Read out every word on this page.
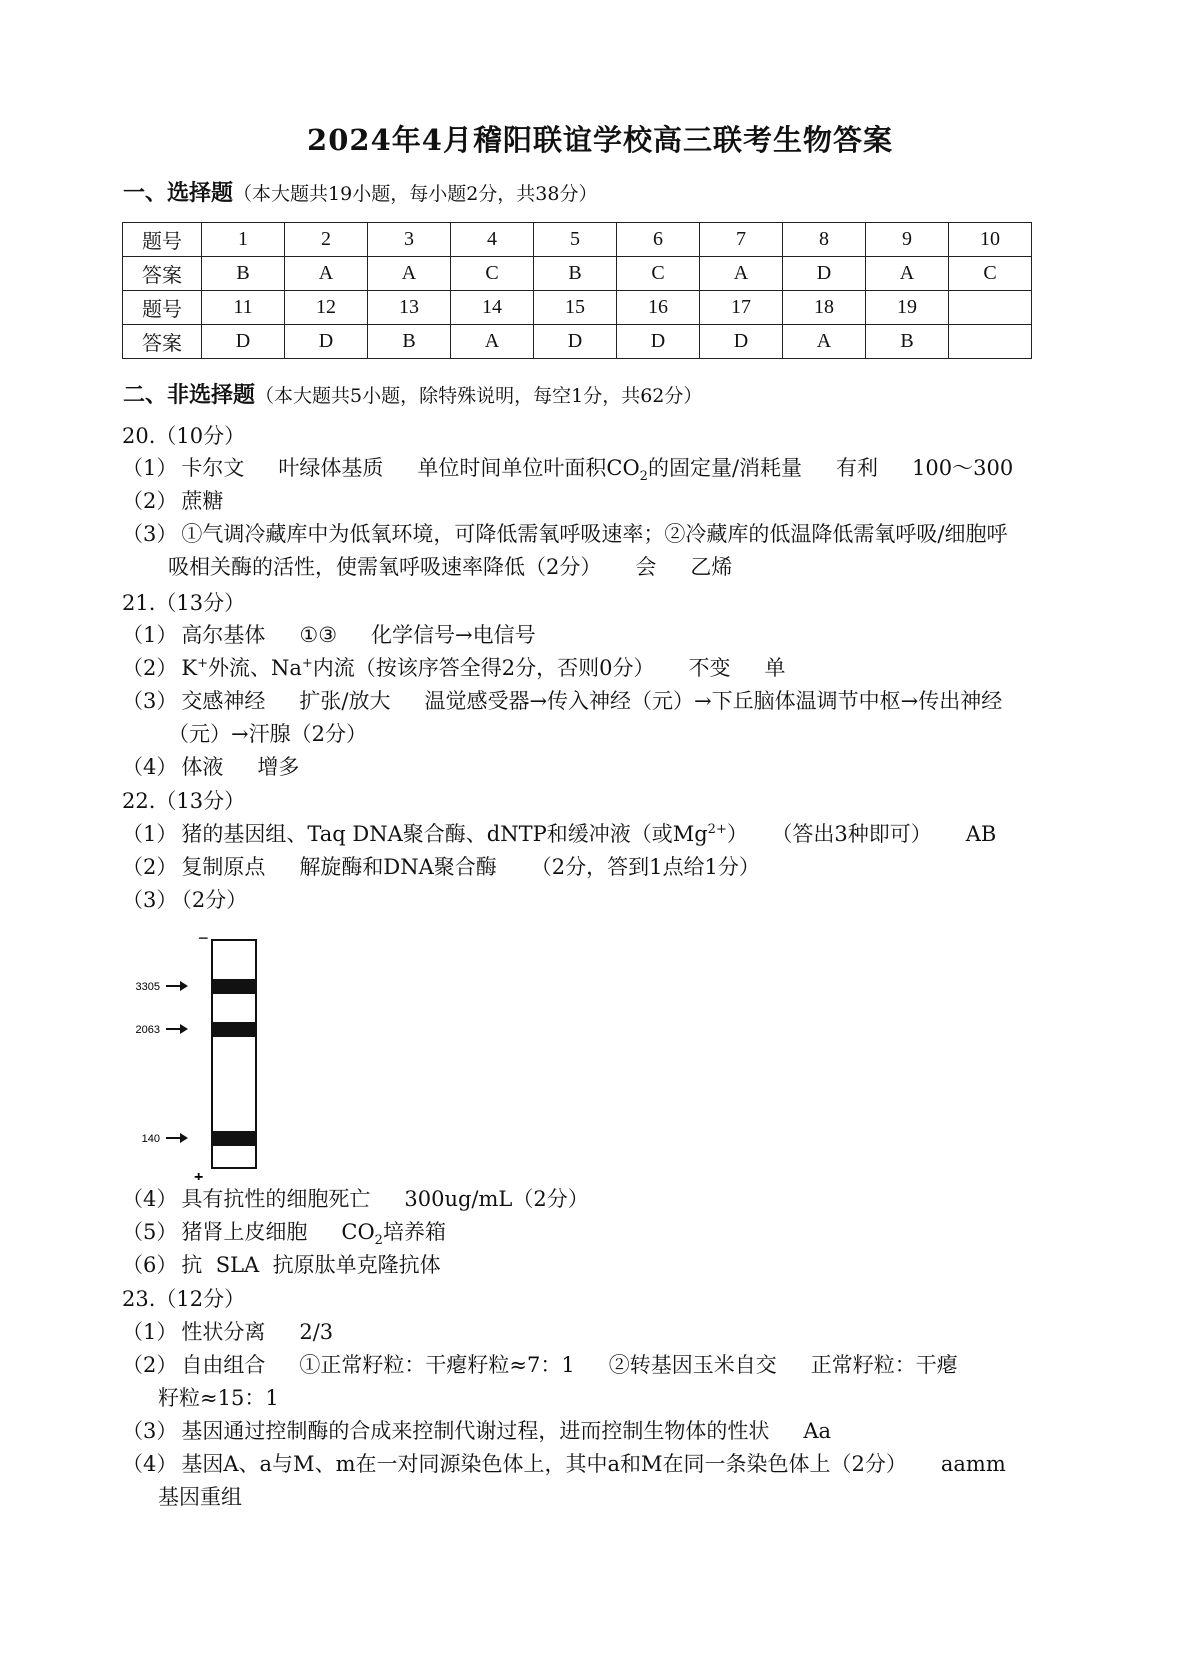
2024年4月稽阳联谊学校高三联考生物答案
一、选择题（本大题共19小题，每小题2分，共38分）
题号	1	2	3	4	5	6	7	8	9	10
答案	B	A	A	C	B	C	A	D	A	C
题号	11	12	13	14	15	16	17	18	19	
答案	D	D	B	A	D	D	D	A	B	
二、非选择题（本大题共5小题，除特殊说明，每空1分，共62分）
20.（10分）
（1） 卡尔文 叶绿体基质 单位时间单位叶面积$CO_2$的固定量/消耗量 有利 100～300
（2） 蔗糖
（3） ①气调冷藏库中为低氧环境，可降低需氧呼吸速率；②冷藏库的低温降低需氧呼吸/细胞呼
吸相关酶的活性，使需氧呼吸速率降低（2分） 会 乙烯
21.（13分）
（1） 高尔基体 ①③ 化学信号→电信号
（2） K+外流、Na+内流（按该序答全得2分，否则0分） 不变 单
（3） 交感神经 扩张/放大 温觉感受器→传入神经（元）→下丘脑体温调节中枢→传出神经
（元）→汗腺（2分）
（4） 体液 增多
22.（13分）
（1） 猪的基因组、Taq DNA聚合酶、dNTP和缓冲液（或$Mg^{2+}$） （答出3种即可） AB
（2） 复制原点 解旋酶和DNA聚合酶 （2分，答到1点给1分）
（3） （2分）
−
3305
2063
140
+
（4） 具有抗性的细胞死亡 300ug/mL（2分）
（5） 猪肾上皮细胞 $CO_2$培养箱
（6） 抗  SLA  抗原肽单克隆抗体
23.（12分）
（1） 性状分离 2/3
（2） 自由组合 ①正常籽粒：干瘪籽粒≈7：1 ②转基因玉米自交 正常籽粒：干瘪
籽粒≈15：1
（3） 基因通过控制酶的合成来控制代谢过程，进而控制生物体的性状 Aa
（4） 基因A、a与M、m在一对同源染色体上，其中a和M在同一条染色体上（2分） aamm
基因重组
